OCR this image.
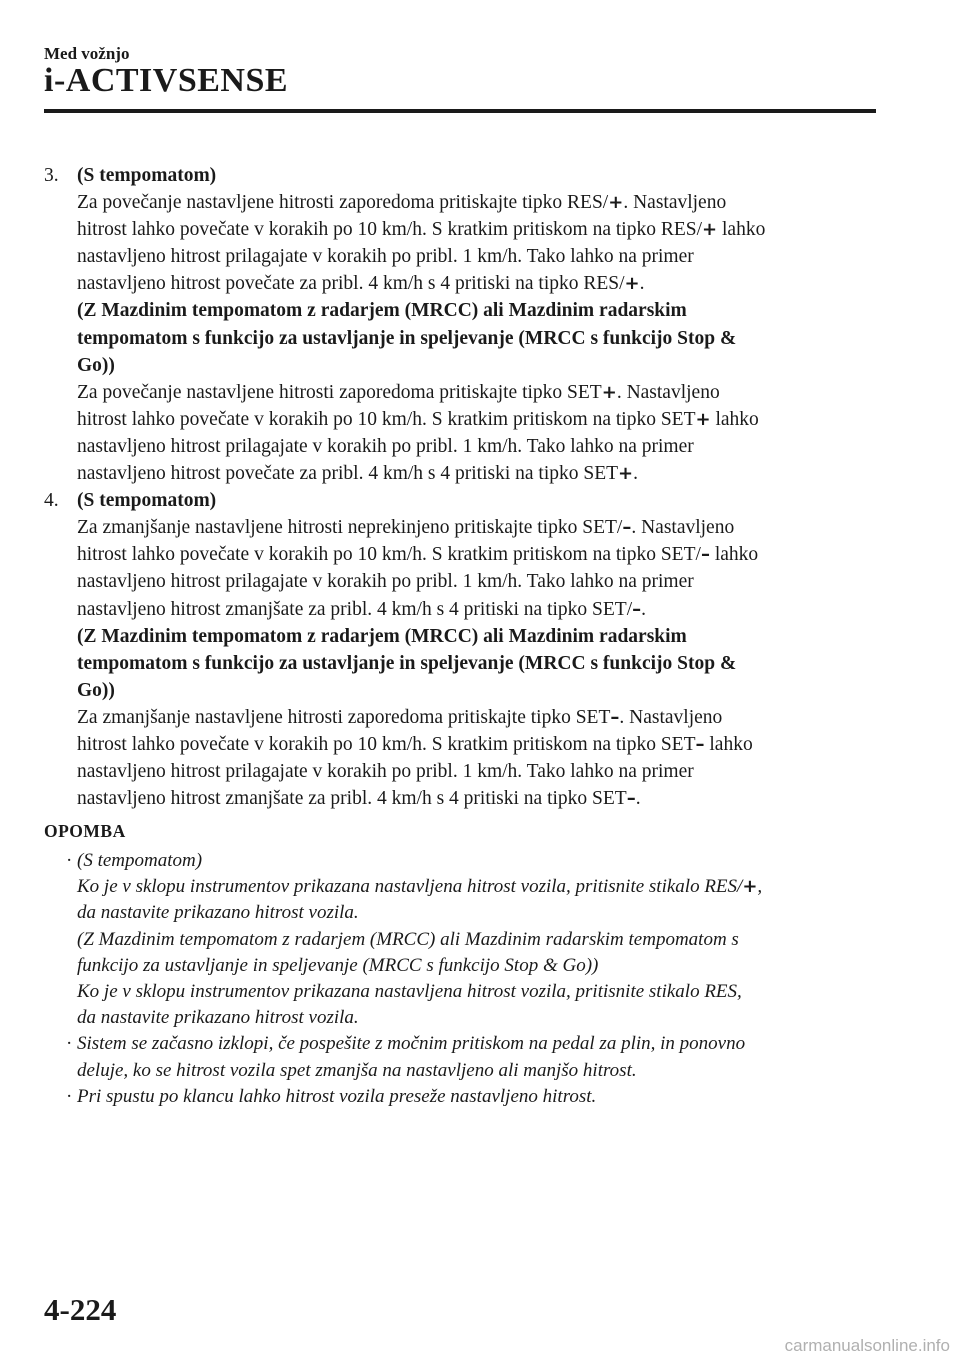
Med vožnjo
i-ACTIVSENSE
3. (S tempomatom)
Za povečanje nastavljene hitrosti zaporedoma pritiskajte tipko RES/+. Nastavljeno
hitrost lahko povečate v korakih po 10 km/h. S kratkim pritiskom na tipko RES/+ lahko
nastavljeno hitrost prilagajate v korakih po pribl. 1 km/h. Tako lahko na primer
nastavljeno hitrost povečate za pribl. 4 km/h s 4 pritiski na tipko RES/+.
(Z Mazdinim tempomatom z radarjem (MRCC) ali Mazdinim radarskim
tempomatom s funkcijo za ustavljanje in speljevanje (MRCC s funkcijo Stop &
Go))
Za povečanje nastavljene hitrosti zaporedoma pritiskajte tipko SET+. Nastavljeno
hitrost lahko povečate v korakih po 10 km/h. S kratkim pritiskom na tipko SET+ lahko
nastavljeno hitrost prilagajate v korakih po pribl. 1 km/h. Tako lahko na primer
nastavljeno hitrost povečate za pribl. 4 km/h s 4 pritiski na tipko SET+.
4. (S tempomatom)
Za zmanjšanje nastavljene hitrosti neprekinjeno pritiskajte tipko SET/–. Nastavljeno
hitrost lahko povečate v korakih po 10 km/h. S kratkim pritiskom na tipko SET/– lahko
nastavljeno hitrost prilagajate v korakih po pribl. 1 km/h. Tako lahko na primer
nastavljeno hitrost zmanjšate za pribl. 4 km/h s 4 pritiski na tipko SET/–.
(Z Mazdinim tempomatom z radarjem (MRCC) ali Mazdinim radarskim
tempomatom s funkcijo za ustavljanje in speljevanje (MRCC s funkcijo Stop &
Go))
Za zmanjšanje nastavljene hitrosti zaporedoma pritiskajte tipko SET–. Nastavljeno
hitrost lahko povečate v korakih po 10 km/h. S kratkim pritiskom na tipko SET– lahko
nastavljeno hitrost prilagajate v korakih po pribl. 1 km/h. Tako lahko na primer
nastavljeno hitrost zmanjšate za pribl. 4 km/h s 4 pritiski na tipko SET–.
OPOMBA
· (S tempomatom)
Ko je v sklopu instrumentov prikazana nastavljena hitrost vozila, pritisnite stikalo RES/+,
da nastavite prikazano hitrost vozila.
(Z Mazdinim tempomatom z radarjem (MRCC) ali Mazdinim radarskim tempomatom s
funkcijo za ustavljanje in speljevanje (MRCC s funkcijo Stop & Go))
Ko je v sklopu instrumentov prikazana nastavljena hitrost vozila, pritisnite stikalo RES,
da nastavite prikazano hitrost vozila.
· Sistem se začasno izklopi, če pospešite z močnim pritiskom na pedal za plin, in ponovno
deluje, ko se hitrost vozila spet zmanjša na nastavljeno ali manjšo hitrost.
· Pri spustu po klancu lahko hitrost vozila preseže nastavljeno hitrost.
4-224
carmanualsonline.info
